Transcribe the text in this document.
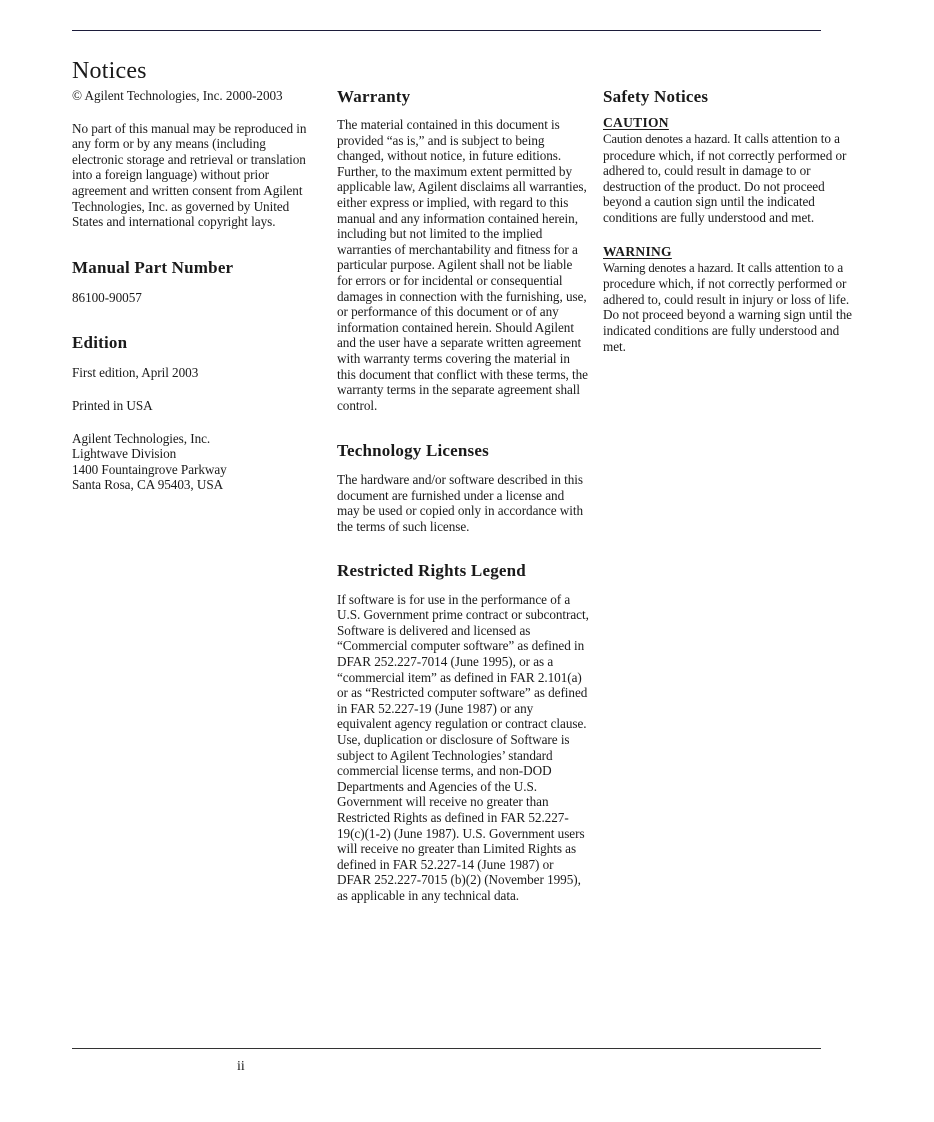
Notices

© Agilent Technologies, Inc. 2000-2003

No part of this manual may be reproduced in any form or by any means (including electronic storage and retrieval or translation into a foreign language) without prior agreement and written consent from Agilent Technologies, Inc. as governed by United States and international copyright lays.

Manual Part Number

86100-90057

Edition

First edition, April 2003

Printed in USA

Agilent Technologies, Inc.

Lightwave Division

1400 Fountaingrove Parkway

Santa Rosa, CA 95403, USA

Warranty

The material contained in this document is provided “as is,” and is subject to being changed, without notice, in future editions. Further, to the maximum extent permitted by applicable law, Agilent disclaims all warranties, either express or implied, with regard to this manual and any information contained herein, including but not limited to the implied warranties of merchantability and fitness for a particular purpose. Agilent shall not be liable for errors or for incidental or consequential damages in connection with the furnishing, use, or performance of this document or of any information contained herein. Should Agilent and the user have a separate written agreement with warranty terms covering the material in this document that conflict with these terms, the warranty terms in the separate agreement shall control.

Technology Licenses

The hardware and/or software described in this document are furnished under a license and may be used or copied only in accordance with the terms of such license.

Restricted Rights Legend

If software is for use in the performance of a U.S. Government prime contract or subcontract, Software is delivered and licensed as “Commercial computer software” as defined in DFAR 252.227-7014 (June 1995), or as a “commercial item” as defined in FAR 2.101(a) or as “Restricted computer software” as defined in FAR 52.227-19 (June 1987) or any equivalent agency regulation or contract clause. Use, duplication or disclosure of Software is subject to Agilent Technologies’ standard commercial license terms, and non-DOD Departments and Agencies of the U.S. Government will receive no greater than Restricted Rights as defined in FAR 52.227-19(c)(1-2) (June 1987). U.S. Government users will receive no greater than Limited Rights as defined in FAR 52.227-14 (June 1987) or DFAR 252.227-7015 (b)(2) (November 1995), as applicable in any technical data.

Safety Notices
CAUTION

Caution denotes a hazard. It calls attention to a procedure which, if not correctly performed or adhered to, could result in damage to or destruction of the product. Do not proceed beyond a caution sign until the indicated conditions are fully understood and met.

WARNING

Warning denotes a hazard. It calls attention to a procedure which, if not correctly performed or adhered to, could result in injury or loss of life. Do not proceed beyond a warning sign until the indicated conditions are fully understood and met.

ii
